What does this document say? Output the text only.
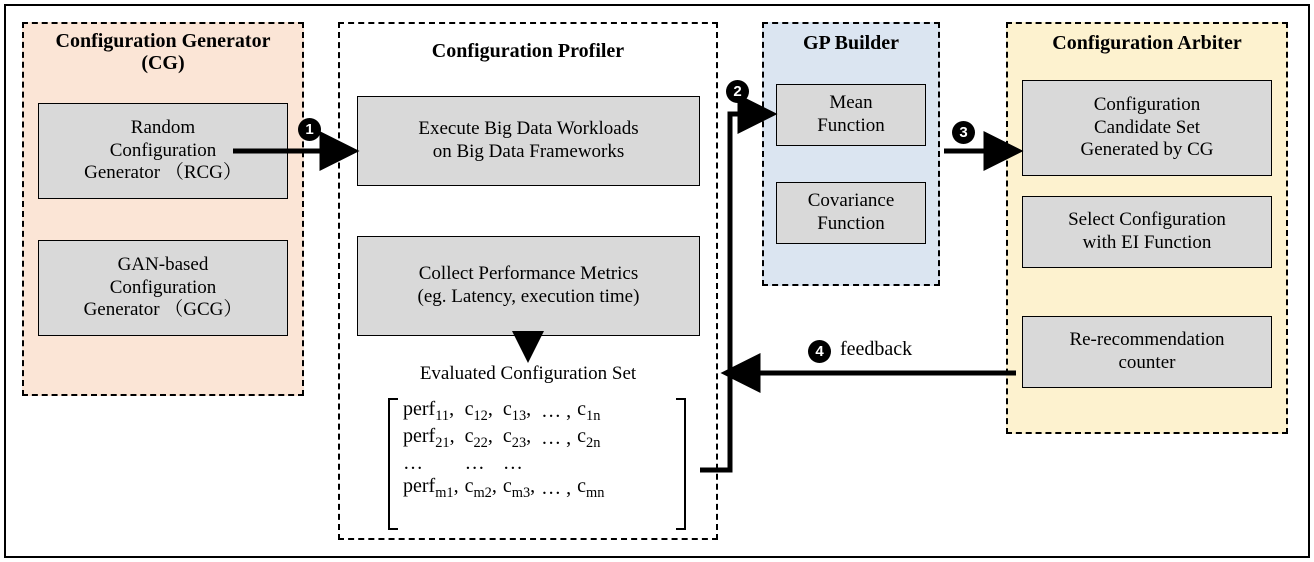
Configuration Generator
(CG)
Random
Configuration
Generator （RCG）
GAN-based
Configuration
Generator （GCG）
Configuration Profiler
Execute Big Data Workloads
on Big Data Frameworks
Collect Performance Metrics
(eg. Latency, execution time)
Evaluated Configuration Set
perf$_{11}$,	$c_{12}$,	$c_{13}$,	… ,	$c_{1n}$
perf$_{21}$,	$c_{22}$,	$c_{23}$,	… ,	$c_{2n}$
…	…	…		
perf$_{m1}$,	$c_{m2}$,	$c_{m3}$,	… ,	$c_{mn}$
GP Builder
Mean
Function
Covariance
Function
Configuration Arbiter
Configuration
Candidate Set
Generated by CG
Select Configuration
with EI Function
Re-recommendation
counter
1
2
3
4 feedback
